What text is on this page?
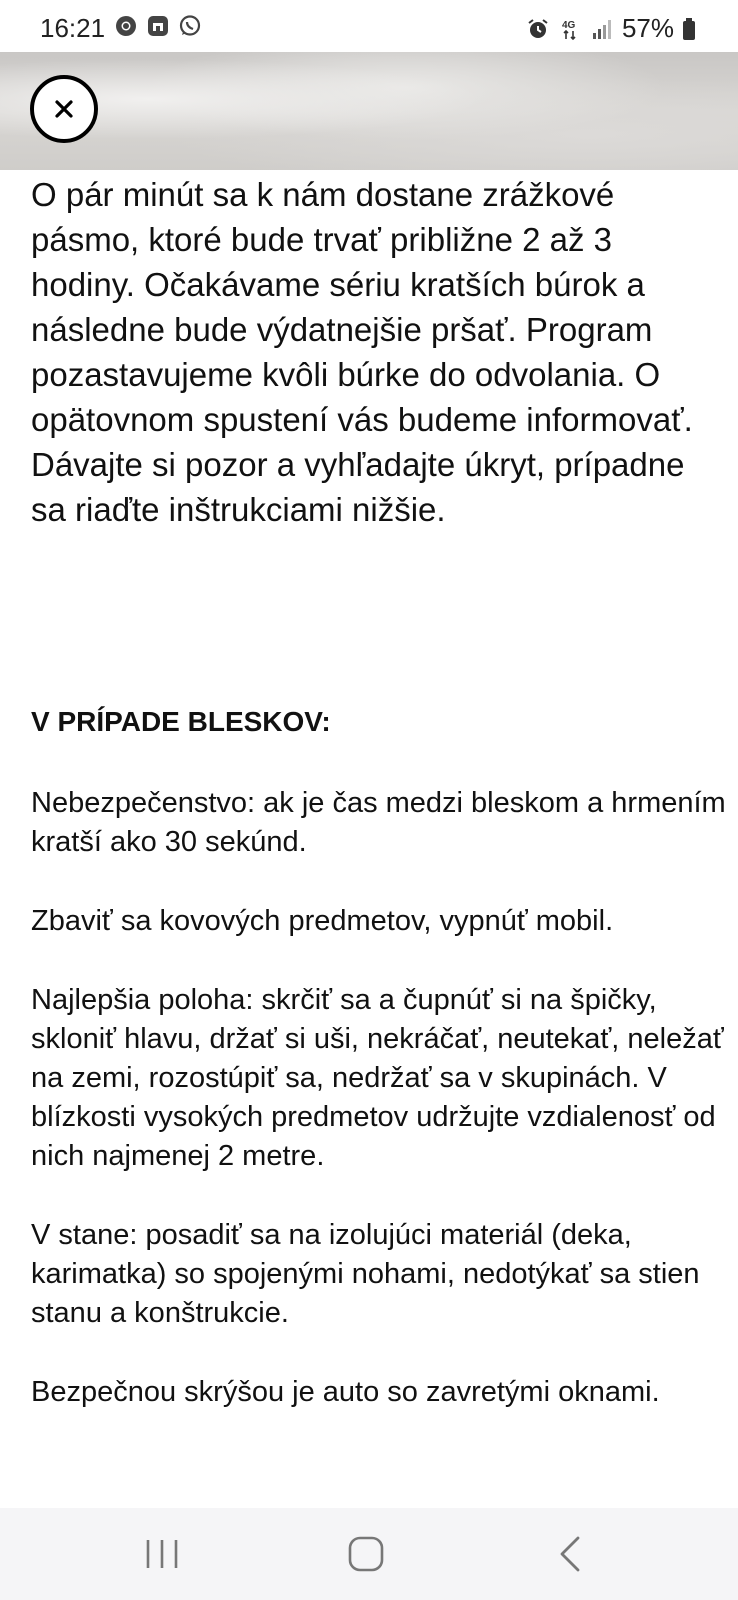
16:21	4G 57%

O pár minút sa k nám dostane zrážkové pásmo, ktoré bude trvať približne 2 až 3 hodiny. Očakávame sériu kratších búrok a následne bude výdatnejšie pršať. Program pozastavujeme kvôli búrke do odvolania. O opätovnom spustení vás budeme informovať. Dávajte si pozor a vyhľadajte úkryt, prípadne sa riaďte inštrukciami nižšie.

V PRÍPADE BLESKOV:

Nebezpečenstvo: ak je čas medzi bleskom a hrmením kratší ako 30 sekúnd.

Zbaviť sa kovových predmetov, vypnúť mobil.

Najlepšia poloha: skrčiť sa a čupnúť si na špičky, skloniť hlavu, držať si uši, nekráčať, neutekať, neležať na zemi, rozostúpiť sa, nedržať sa v skupinách. V blízkosti vysokých predmetov udržujte vzdialenosť od nich najmenej 2 metre.

V stane: posadiť sa na izolujúci materiál (deka, karimatka) so spojenými nohami, nedotýkať sa stien stanu a konštrukcie.

Bezpečnou skrýšou je auto so zavretými oknami.
